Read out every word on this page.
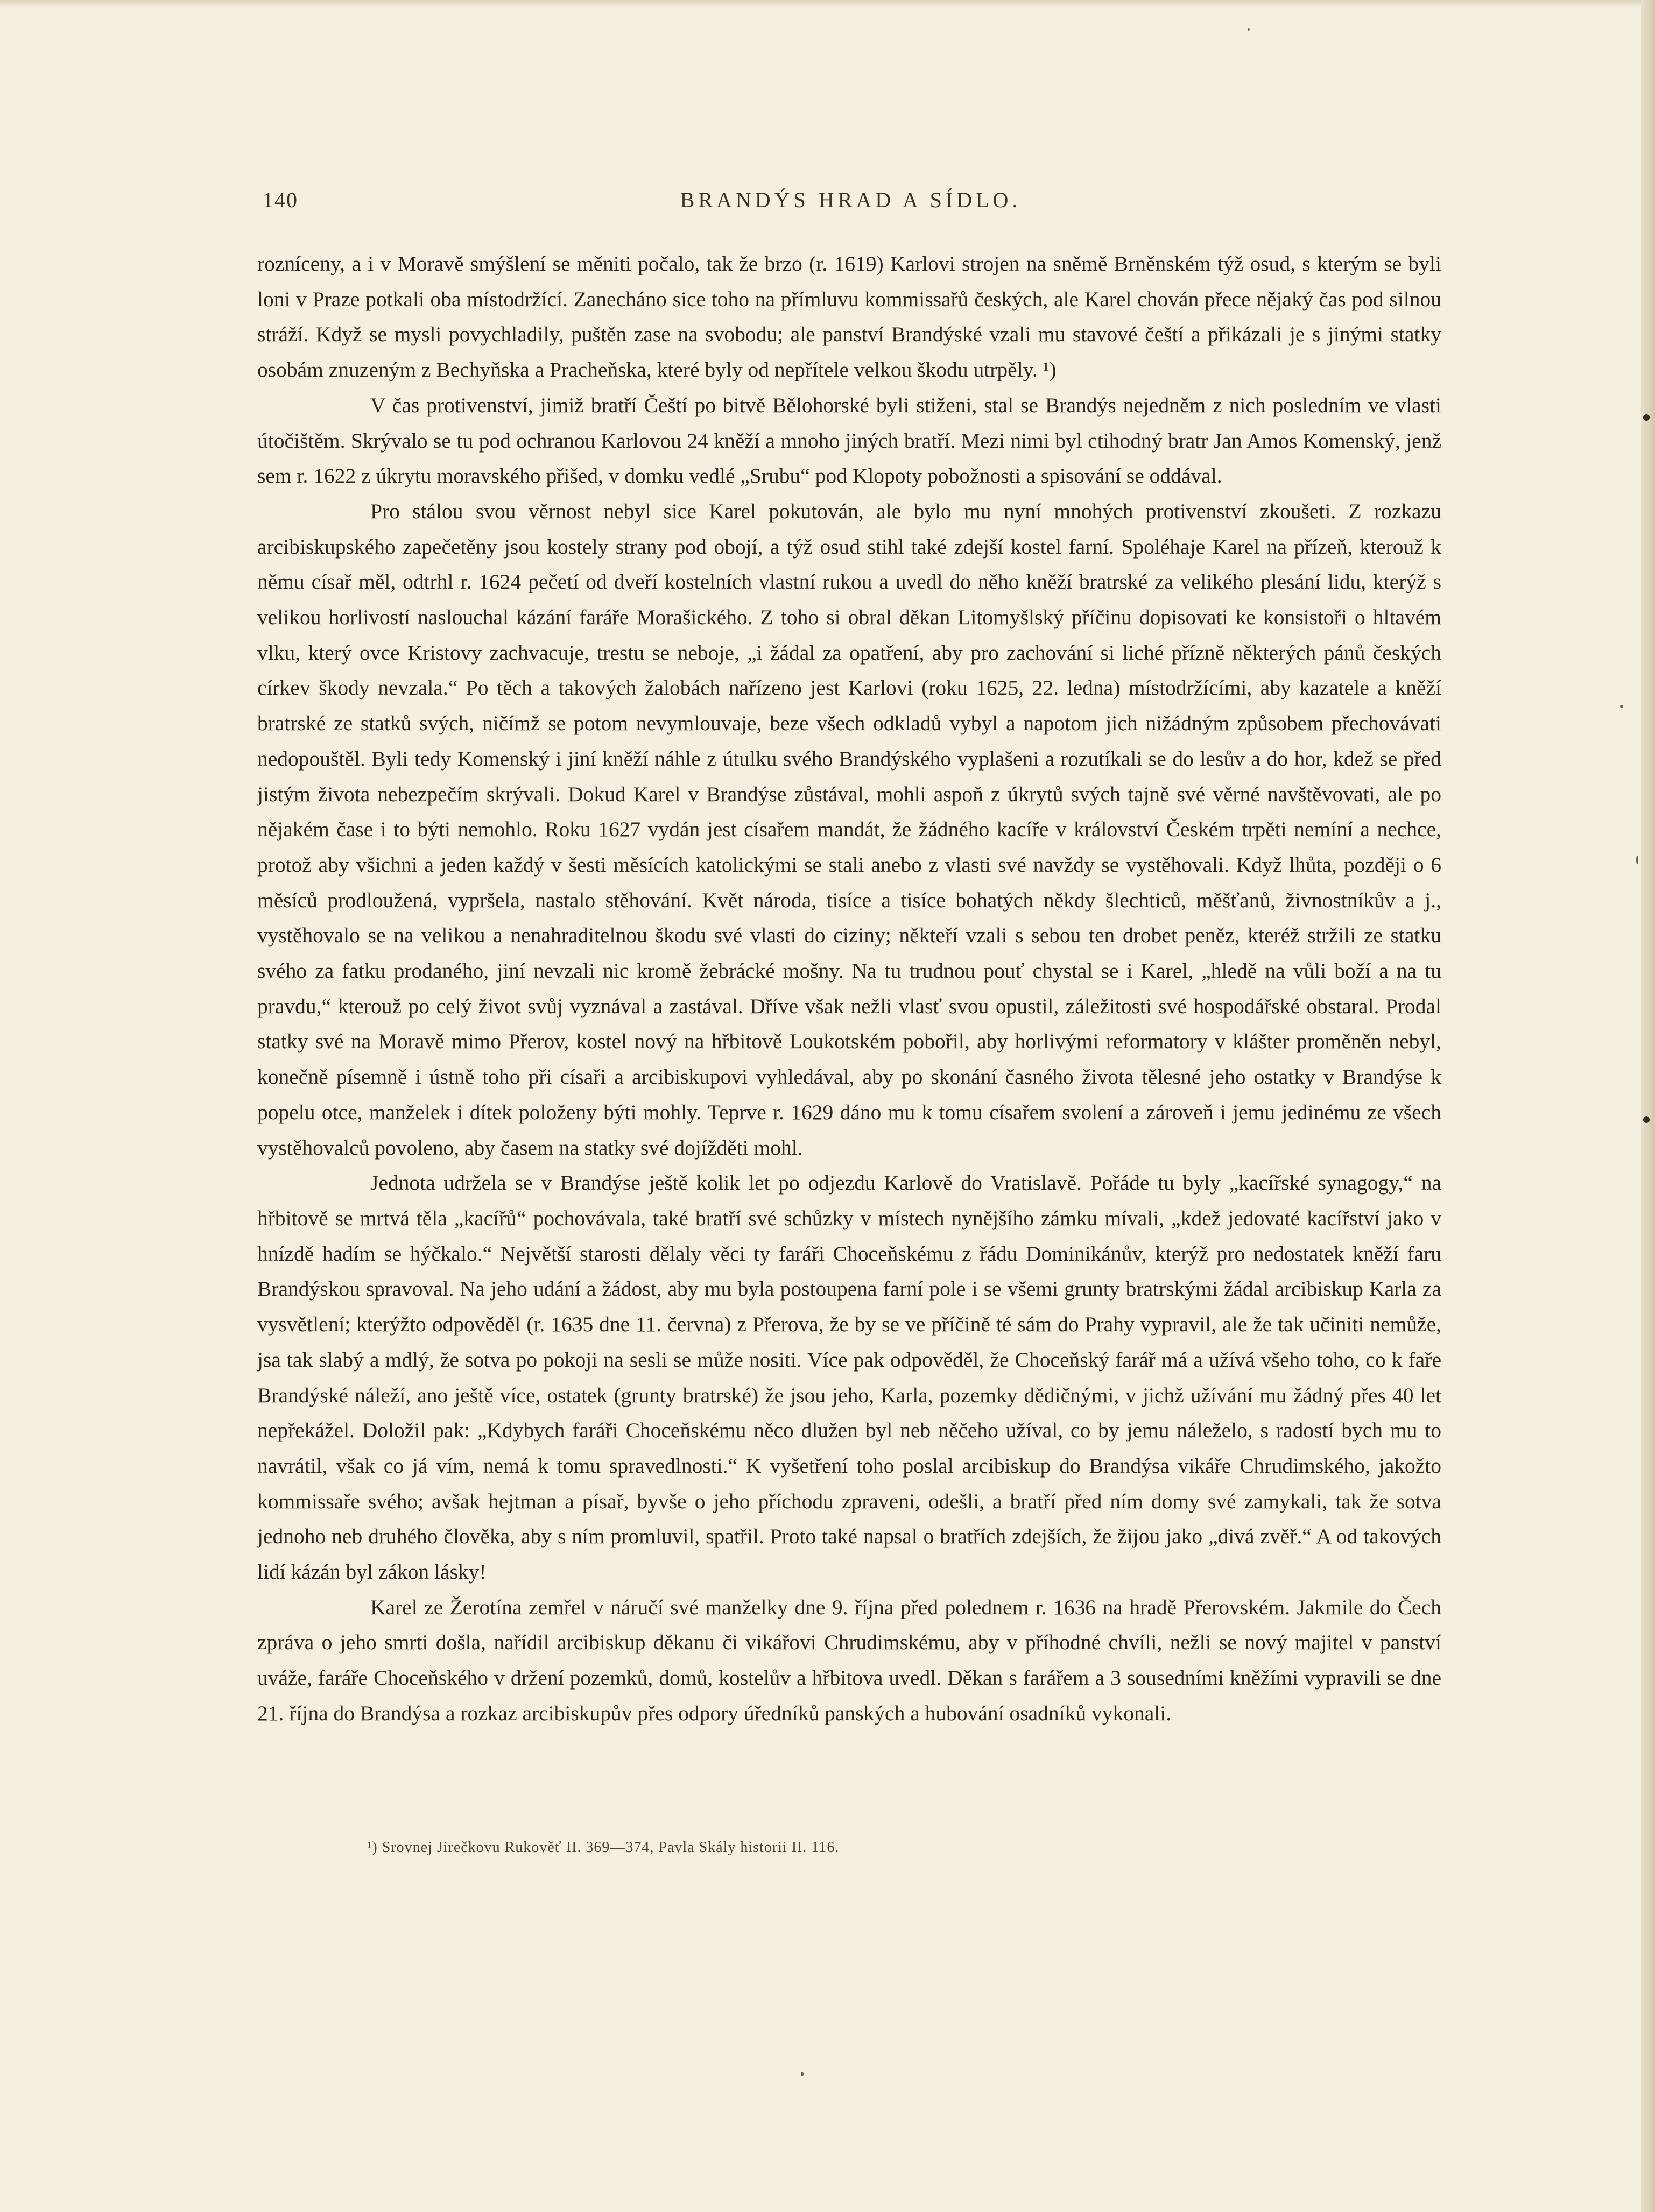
140	BRANDÝS HRAD A SÍDLO.

rozníceny, a i v Moravě smýšlení se měniti počalo, tak že brzo (r. 1619) Karlovi strojen na sněmě Brněnském týž osud, s kterým se byli loni v Praze potkali oba místodržící. Zanecháno sice toho na přímluvu kommissařů českých, ale Karel chován přece nějaký čas pod silnou stráží. Když se mysli povychladily, puštěn zase na svobodu; ale panství Brandýské vzali mu stavové čeští a přikázali je s jinými statky osobám znuzeným z Bechyňska a Pracheňska, které byly od nepřítele velkou škodu utrpěly. ¹)

V čas protivenství, jimiž bratří Čeští po bitvě Bělohorské byli stiženi, stal se Brandýs nejedněm z nich posledním ve vlasti útočištěm. Skrývalo se tu pod ochranou Karlovou 24 kněží a mnoho jiných bratří. Mezi nimi byl ctihodný bratr Jan Amos Komenský, jenž sem r. 1622 z úkrytu moravského přišed, v domku vedlé „Srubu“ pod Klopoty pobožnosti a spisování se oddával.

Pro stálou svou věrnost nebyl sice Karel pokutován, ale bylo mu nyní mnohých protivenství zkoušeti. Z rozkazu arcibiskupského zapečetěny jsou kostely strany pod obojí, a týž osud stihl také zdejší kostel farní. Spoléhaje Karel na přízeň, kterouž k němu císař měl, odtrhl r. 1624 pečetí od dveří kostelních vlastní rukou a uvedl do něho kněží bratrské za velikého plesání lidu, kterýž s velikou horlivostí naslouchal kázání faráře Morašického. Z toho si obral děkan Litomyšlský příčinu dopisovati ke konsistoři o hltavém vlku, který ovce Kristovy zachvacuje, trestu se neboje, „i žádal za opatření, aby pro zachování si liché přízně některých pánů českých církev škody nevzala.“ Po těch a takových žalobách nařízeno jest Karlovi (roku 1625, 22. ledna) místodržícími, aby kazatele a kněží bratrské ze statků svých, ničímž se potom nevymlouvaje, beze všech odkladů vybyl a napotom jich nižádným způsobem přechovávati nedopouštěl. Byli tedy Komenský i jiní kněží náhle z útulku svého Brandýského vyplašeni a rozutíkali se do lesův a do hor, kdež se před jistým života nebezpečím skrývali. Dokud Karel v Brandýse zůstával, mohli aspoň z úkrytů svých tajně své věrné navštěvovati, ale po nějakém čase i to býti nemohlo. Roku 1627 vydán jest císařem mandát, že žádného kacíře v království Českém trpěti nemíní a nechce, protož aby všichni a jeden každý v šesti měsících katolickými se stali anebo z vlasti své navždy se vystěhovali. Když lhůta, později o 6 měsíců prodloužená, vypršela, nastalo stěhování. Květ národa, tisíce a tisíce bohatých někdy šlechticů, měšťanů, živnostníkův a j., vystěhovalo se na velikou a nenahraditelnou škodu své vlasti do ciziny; někteří vzali s sebou ten drobet peněz, kteréž stržili ze statku svého za fatku prodaného, jiní nevzali nic kromě žebrácké mošny. Na tu trudnou pouť chystal se i Karel, „hledě na vůli boží a na tu pravdu,“ kterouž po celý život svůj vyznával a zastával. Dříve však nežli vlasť svou opustil, záležitosti své hospodářské obstaral. Prodal statky své na Moravě mimo Přerov, kostel nový na hřbitově Loukotském pobořil, aby horlivými reformatory v klášter proměněn nebyl, konečně písemně i ústně toho při císaři a arcibiskupovi vyhledával, aby po skonání časného života tělesné jeho ostatky v Brandýse k popelu otce, manželek i dítek položeny býti mohly. Teprve r. 1629 dáno mu k tomu císařem svolení a zároveň i jemu jedinému ze všech vystěhovalců povoleno, aby časem na statky své dojížděti mohl.

Jednota udržela se v Brandýse ještě kolik let po odjezdu Karlově do Vratislavě. Pořáde tu byly „kacířské synagogy,“ na hřbitově se mrtvá těla „kacířů“ pochovávala, také bratří své schůzky v místech nynějšího zámku mívali, „kdež jedovaté kacířství jako v hnízdě hadím se hýčkalo.“ Největší starosti dělaly věci ty faráři Choceňskému z řádu Dominikánův, kterýž pro nedostatek kněží faru Brandýskou spravoval. Na jeho udání a žádost, aby mu byla postoupena farní pole i se všemi grunty bratrskými žádal arcibiskup Karla za vysvětlení; kterýžto odpověděl (r. 1635 dne 11. června) z Přerova, že by se ve příčině té sám do Prahy vypravil, ale že tak učiniti nemůže, jsa tak slabý a mdlý, že sotva po pokoji na sesli se může nositi. Více pak odpověděl, že Choceňský farář má a užívá všeho toho, co k faře Brandýské náleží, ano ještě více, ostatek (grunty bratrské) že jsou jeho, Karla, pozemky dědičnými, v jichž užívání mu žádný přes 40 let nepřekážel. Doložil pak: „Kdybych faráři Choceňskému něco dlužen byl neb něčeho užíval, co by jemu náleželo, s radostí bych mu to navrátil, však co já vím, nemá k tomu spravedlnosti.“ K vyšetření toho poslal arcibiskup do Brandýsa vikáře Chrudimského, jakožto kommissaře svého; avšak hejtman a písař, byvše o jeho příchodu zpraveni, odešli, a bratří před ním domy své zamykali, tak že sotva jednoho neb druhého člověka, aby s ním promluvil, spatřil. Proto také napsal o bratřích zdejších, že žijou jako „divá zvěř.“ A od takových lidí kázán byl zákon lásky!

Karel ze Žerotína zemřel v náručí své manželky dne 9. října před polednem r. 1636 na hradě Přerovském. Jakmile do Čech zpráva o jeho smrti došla, nařídil arcibiskup děkanu či vikářovi Chrudimskému, aby v příhodné chvíli, nežli se nový majitel v panství uváže, faráře Choceňského v držení pozemků, domů, kostelův a hřbitova uvedl. Děkan s farářem a 3 sousedními kněžími vypravili se dne 21. října do Brandýsa a rozkaz arcibiskupův přes odpory úředníků panských a hubování osadníků vykonali.

¹) Srovnej Jirečkovu Rukověť II. 369—374, Pavla Skály historii II. 116.
